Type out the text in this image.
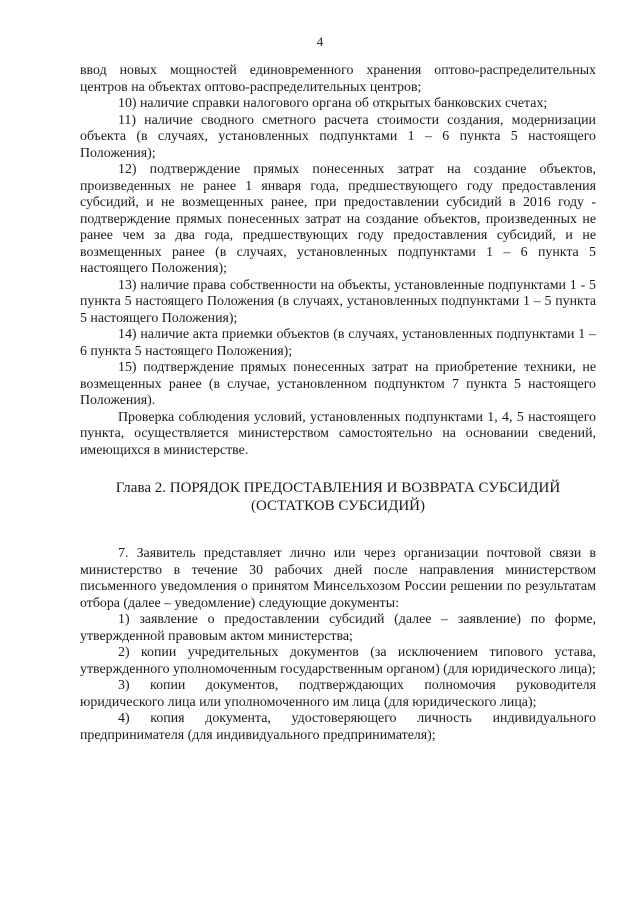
4

ввод новых мощностей единовременного хранения оптово-распределительных центров на объектах оптово-распределительных центров;

10) наличие справки налогового органа об открытых банковских счетах;

11) наличие сводного сметного расчета стоимости создания, модернизации объекта (в случаях, установленных подпунктами 1 – 6 пункта 5 настоящего Положения);

12) подтверждение прямых понесенных затрат на создание объектов, произведенных не ранее 1 января года, предшествующего году предоставления субсидий, и не возмещенных ранее, при предоставлении субсидий в 2016 году - подтверждение прямых понесенных затрат на создание объектов, произведенных не ранее чем за два года, предшествующих году предоставления субсидий, и не возмещенных ранее (в случаях, установленных подпунктами 1 – 6 пункта 5 настоящего Положения);

13) наличие права собственности на объекты, установленные подпунктами 1 - 5 пункта 5 настоящего Положения (в случаях, установленных подпунктами 1 – 5 пункта 5 настоящего Положения);

14) наличие акта приемки объектов (в случаях, установленных подпунктами 1 – 6 пункта 5 настоящего Положения);

15) подтверждение прямых понесенных затрат на приобретение техники, не возмещенных ранее (в случае, установленном подпунктом 7 пункта 5 настоящего Положения).

Проверка соблюдения условий, установленных подпунктами 1, 4, 5 настоящего пункта, осуществляется министерством самостоятельно на основании сведений, имеющихся в министерстве.

Глава 2. ПОРЯДОК ПРЕДОСТАВЛЕНИЯ И ВОЗВРАТА СУБСИДИЙ
(ОСТАТКОВ СУБСИДИЙ)

7. Заявитель представляет лично или через организации почтовой связи в министерство в течение 30 рабочих дней после направления министерством письменного уведомления о принятом Минсельхозом России решении по результатам отбора (далее – уведомление) следующие документы:

1) заявление о предоставлении субсидий (далее – заявление) по форме, утвержденной правовым актом министерства;

2) копии учредительных документов (за исключением типового устава, утвержденного уполномоченным государственным органом) (для юридического лица);

3) копии документов, подтверждающих полномочия руководителя юридического лица или уполномоченного им лица (для юридического лица);

4) копия документа, удостоверяющего личность индивидуального предпринимателя (для индивидуального предпринимателя);
